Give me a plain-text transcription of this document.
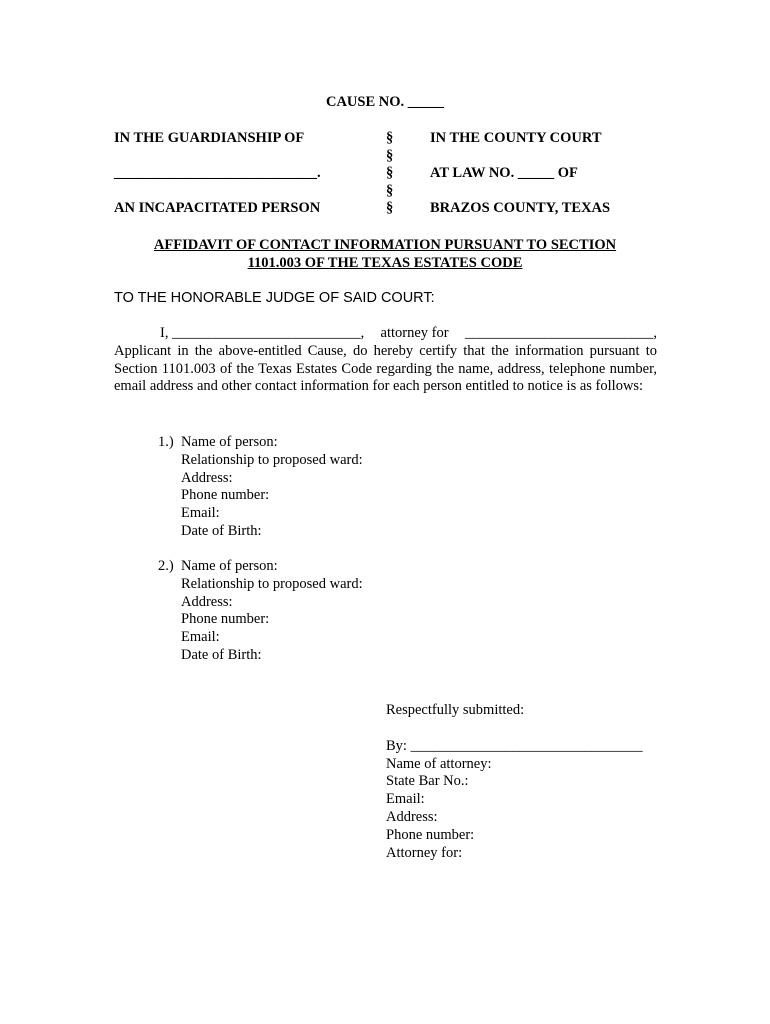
CAUSE NO. _____
IN THE GUARDIANSHIP OF
____________________________.
AN INCAPACITATED PERSON
§
§
§
§
§
IN THE COUNTY COURT
AT LAW NO. _____ OF
BRAZOS COUNTY, TEXAS
AFFIDAVIT OF CONTACT INFORMATION PURSUANT TO SECTION
1101.003 OF THE TEXAS ESTATES CODE
TO THE HONORABLE JUDGE OF SAID COURT:
I, __________________________, attorney for __________________________,
Applicant in the above-entitled Cause, do hereby certify that the information pursuant to Section 1101.003 of the Texas Estates Code regarding the name, address, telephone number, email address and other contact information for each person entitled to notice is as follows:
1.) Name of person:
Relationship to proposed ward:
Address:
Phone number:
Email:
Date of Birth:
2.) Name of person:
Relationship to proposed ward:
Address:
Phone number:
Email:
Date of Birth:
Respectfully submitted:
By: ________________________________
Name of attorney:
State Bar No.:
Email:
Address:
Phone number:
Attorney for:
